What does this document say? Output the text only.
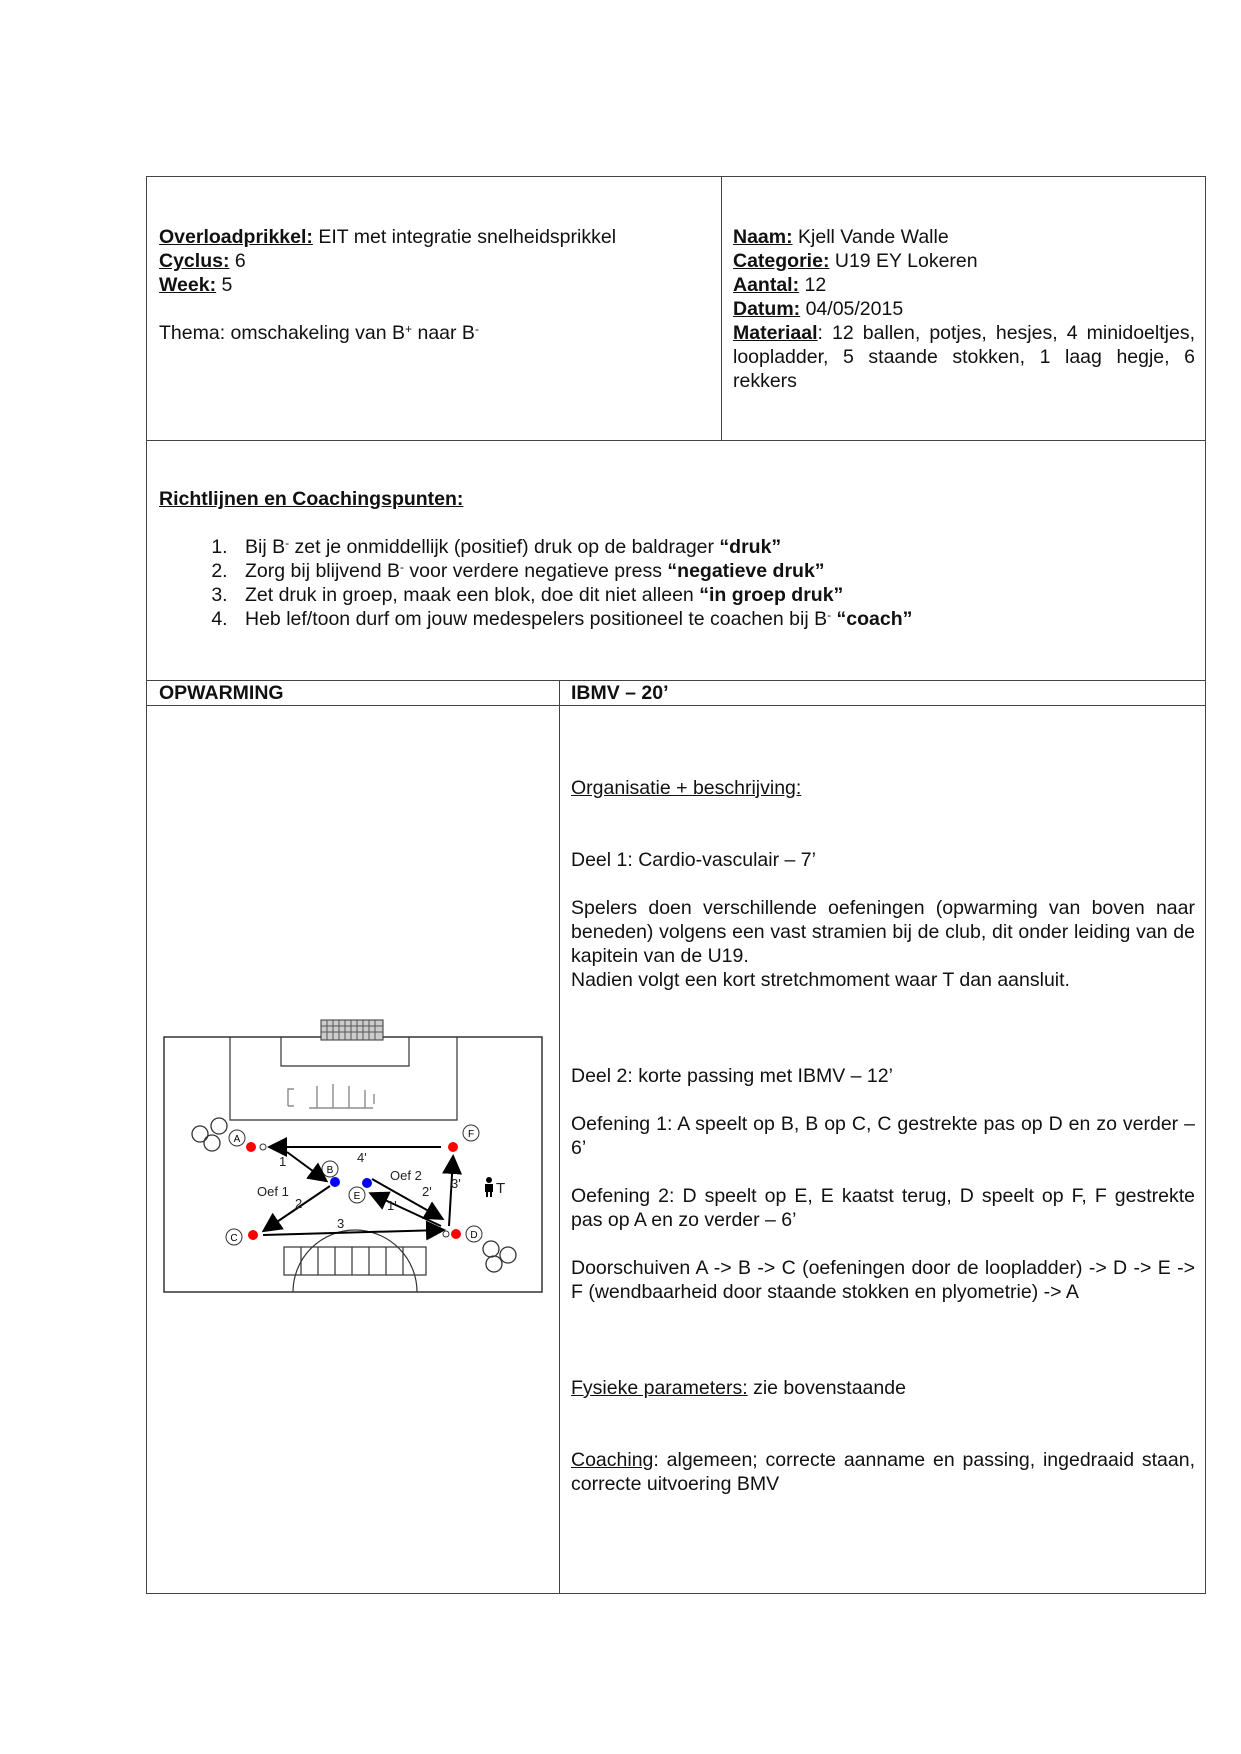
Overloadprikkel: EIT met integratie snelheidsprikkel

Cyclus: 6

Week: 5

Thema: omschakeling van B+ naar B-

Naam: Kjell Vande Walle

Categorie: U19 EY Lokeren

Aantal: 12

Datum: 04/05/2015

Materiaal: 12 ballen, potjes, hesjes, 4 minidoeltjes, loopladder, 5 staande stokken, 1 laag hegje, 6 rekkers

Richtlijnen en Coachingspunten:

1. Bij B- zet je onmiddellijk (positief) druk op de baldrager “druk”
2. Zorg bij blijvend B- voor verdere negatieve press “negatieve druk”
3. Zet druk in groep, maak een blok, doe dit niet alleen “in groep druk”
4. Heb lef/toon durf om jouw medespelers positioneel te coachen bij B- “coach”
OPWARMING	IBMV – 20’
A
B
C	D
E
F
1
2
3
4'
1'
2'
3'
Oef 1
Oef 2
T

Organisatie + beschrijving:

Deel 1: Cardio-vasculair – 7’

Spelers doen verschillende oefeningen (opwarming van boven naar beneden) volgens een vast stramien bij de club, dit onder leiding van de kapitein van de U19.

Nadien volgt een kort stretchmoment waar T dan aansluit.

Deel 2: korte passing met IBMV – 12’

Oefening 1: A speelt op B, B op C, C gestrekte pas op D en zo verder – 6’

Oefening 2: D speelt op E, E kaatst terug, D speelt op F, F gestrekte pas op A en zo verder – 6’

Doorschuiven A -> B -> C (oefeningen door de loopladder) -> D -> E -> F (wendbaarheid door staande stokken en plyometrie) -> A

Fysieke parameters: zie bovenstaande

Coaching: algemeen; correcte aanname en passing, ingedraaid staan, correcte uitvoering BMV
